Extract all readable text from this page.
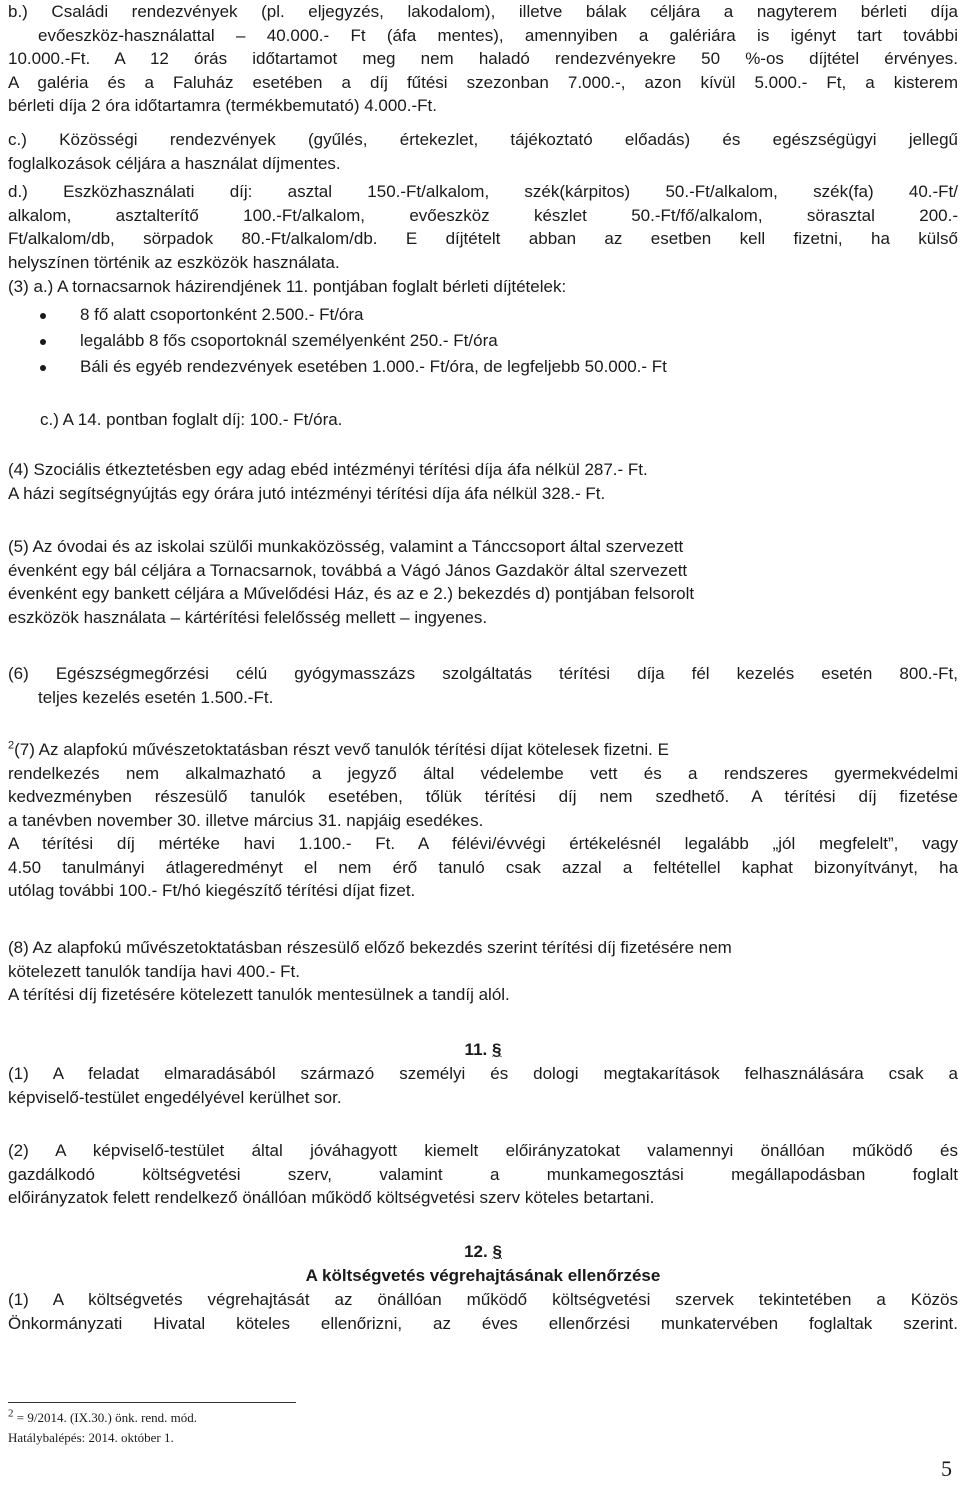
b.) Családi rendezvények (pl. eljegyzés, lakodalom), illetve bálak céljára a nagyterem bérleti díja
evőeszköz-használattal – 40.000.- Ft (áfa mentes), amennyiben a galériára is igényt tart további
10.000.-Ft. A 12 órás időtartamot meg nem haladó rendezvényekre 50 %-os díjtétel érvényes.
A galéria és a Faluház esetében a díj fűtési szezonban 7.000.-, azon kívül 5.000.- Ft, a kisterem
bérleti díja 2 óra időtartamra (termékbemutató) 4.000.-Ft.
c.) Közösségi rendezvények (gyűlés, értekezlet, tájékoztató előadás) és egészségügyi jellegű
foglalkozások céljára a használat díjmentes.
d.) Eszközhasználati díj: asztal 150.-Ft/alkalom, szék(kárpitos) 50.-Ft/alkalom, szék(fa) 40.-Ft/
alkalom, asztalterítő 100.-Ft/alkalom, evőeszköz készlet 50.-Ft/fő/alkalom, sörasztal 200.-
Ft/alkalom/db, sörpadok 80.-Ft/alkalom/db. E díjtételt abban az esetben kell fizetni, ha külső
helyszínen történik az eszközök használata.
(3) a.) A tornacsarnok házirendjének 11. pontjában foglalt bérleti díjtételek:
8 fő alatt csoportonként 2.500.- Ft/óra
legalább 8 fős csoportoknál személyenként 250.- Ft/óra
Báli és egyéb rendezvények esetében 1.000.- Ft/óra, de legfeljebb 50.000.- Ft
c.) A 14. pontban foglalt díj: 100.- Ft/óra.
(4) Szociális étkeztetésben egy adag ebéd intézményi térítési díja áfa nélkül 287.- Ft.
A házi segítségnyújtás egy órára jutó intézményi térítési díja áfa nélkül 328.- Ft.
(5) Az óvodai és az iskolai szülői munkaközösség, valamint a Tánccsoport által szervezett
évenként egy bál céljára a Tornacsarnok, továbbá a Vágó János Gazdakör által szervezett
évenként egy bankett céljára a Művelődési Ház, és az e 2.) bekezdés d) pontjában felsorolt
eszközök használata – kártérítési felelősség mellett – ingyenes.
(6) Egészségmegőrzési célú gyógymasszázs szolgáltatás térítési díja fél kezelés esetén 800.-Ft,
teljes kezelés esetén 1.500.-Ft.
$^2$(7) Az alapfokú művészetoktatásban részt vevő tanulók térítési díjat kötelesek fizetni. E
rendelkezés nem alkalmazható a jegyző által védelembe vett és a rendszeres gyermekvédelmi
kedvezményben részesülő tanulók esetében, tőlük térítési díj nem szedhető. A térítési díj fizetése
a tanévben november 30. illetve március 31. napjáig esedékes.
A térítési díj mértéke havi 1.100.- Ft. A félévi/évvégi értékelésnél legalább „jól megfelelt”, vagy
4.50 tanulmányi átlageredményt el nem érő tanuló csak azzal a feltétellel kaphat bizonyítványt, ha
utólag további 100.- Ft/hó kiegészítő térítési díjat fizet.
(8) Az alapfokú művészetoktatásban részesülő előző bekezdés szerint térítési díj fizetésére nem
kötelezett tanulók tandíja havi 400.- Ft.
A térítési díj fizetésére kötelezett tanulók mentesülnek a tandíj alól.
11. §
(1) A feladat elmaradásából származó személyi és dologi megtakarítások felhasználására csak a
képviselő-testület engedélyével kerülhet sor.
(2) A képviselő-testület által jóváhagyott kiemelt előirányzatokat valamennyi önállóan működő és
gazdálkodó költségvetési szerv, valamint a munkamegosztási megállapodásban foglalt
előirányzatok felett rendelkező önállóan működő költségvetési szerv köteles betartani.
12. §
A költségvetés végrehajtásának ellenőrzése
(1) A költségvetés végrehajtását az önállóan működő költségvetési szervek tekintetében a Közös
Önkormányzati Hivatal köteles ellenőrizni, az éves ellenőrzési munkatervében foglaltak szerint.
$^2$ = 9/2014. (IX.30.) önk. rend. mód.
Hatálybalépés: 2014. október 1.
5
